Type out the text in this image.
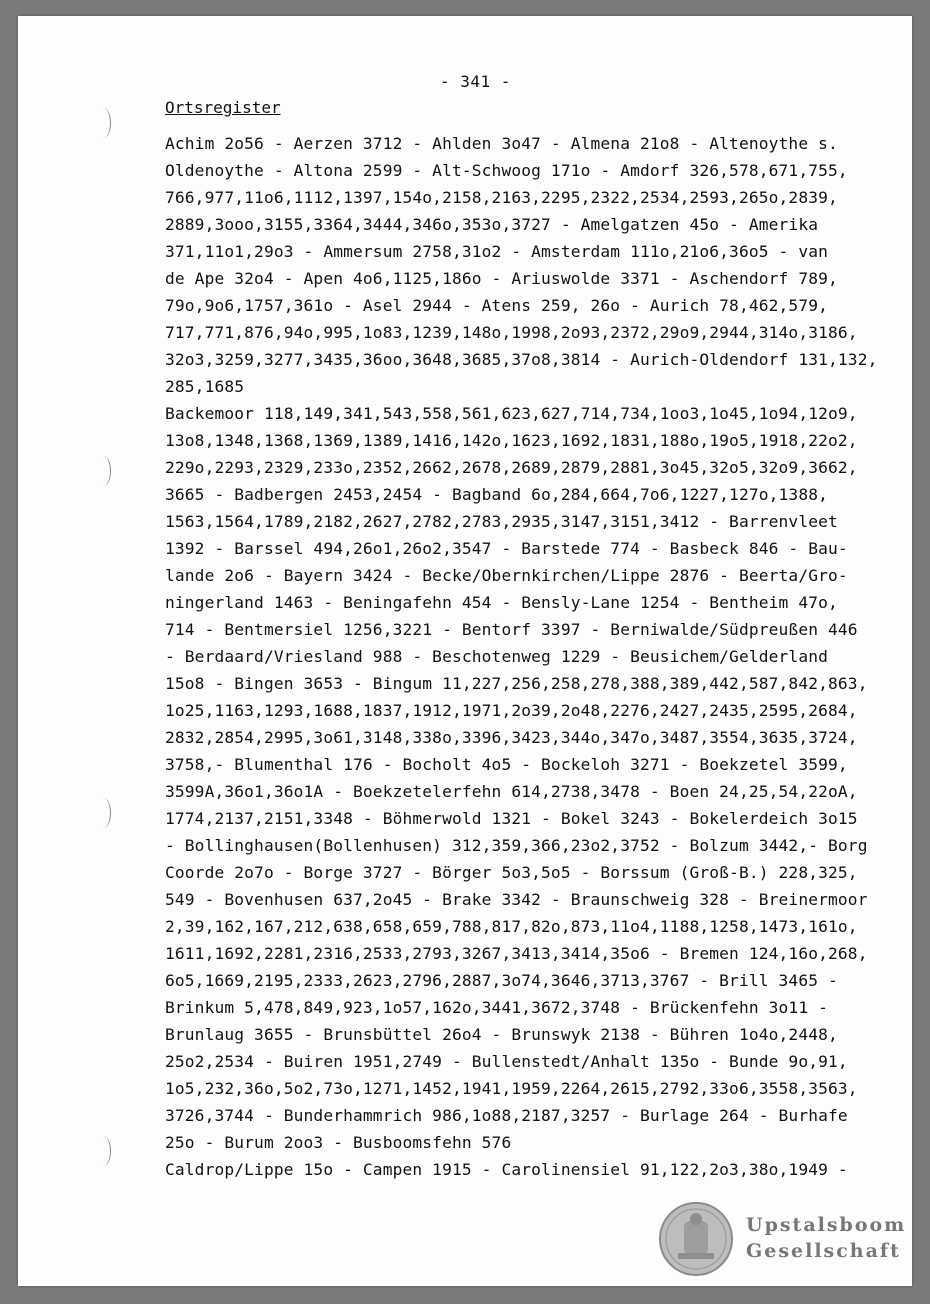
- 341 -
Ortsregister
Achim 2o56 - Aerzen 3712 - Ahlden 3o47 - Almena 21o8 - Altenoythe s.
Oldenoythe - Altona 2599 - Alt-Schwoog 171o - Amdorf 326,578,671,755,
766,977,11o6,1112,1397,154o,2158,2163,2295,2322,2534,2593,265o,2839,
2889,3ooo,3155,3364,3444,346o,353o,3727 - Amelgatzen 45o - Amerika
371,11o1,29o3 - Ammersum 2758,31o2 - Amsterdam 111o,21o6,36o5 - van
de Ape 32o4 - Apen 4o6,1125,186o - Ariuswolde 3371 - Aschendorf 789,
79o,9o6,1757,361o - Asel 2944 - Atens 259, 26o - Aurich 78,462,579,
717,771,876,94o,995,1o83,1239,148o,1998,2o93,2372,29o9,2944,314o,3186,
32o3,3259,3277,3435,36oo,3648,3685,37o8,3814 - Aurich-Oldendorf 131,132,
285,1685
Backemoor 118,149,341,543,558,561,623,627,714,734,1oo3,1o45,1o94,12o9,
13o8,1348,1368,1369,1389,1416,142o,1623,1692,1831,188o,19o5,1918,22o2,
229o,2293,2329,233o,2352,2662,2678,2689,2879,2881,3o45,32o5,32o9,3662,
3665 - Badbergen 2453,2454 - Bagband 6o,284,664,7o6,1227,127o,1388,
1563,1564,1789,2182,2627,2782,2783,2935,3147,3151,3412 - Barrenvleet
1392 - Barssel 494,26o1,26o2,3547 - Barstede 774 - Basbeck 846 - Bau-
lande 2o6 - Bayern 3424 - Becke/Obernkirchen/Lippe 2876 - Beerta/Gro-
ningerland 1463 - Beningafehn 454 - Bensly-Lane 1254 - Bentheim 47o,
714 - Bentmersiel 1256,3221 - Bentorf 3397 - Berniwalde/Südpreußen 446
- Berdaard/Vriesland 988 - Beschotenweg 1229 - Beusichem/Gelderland
15o8 - Bingen 3653 - Bingum 11,227,256,258,278,388,389,442,587,842,863,
1o25,1163,1293,1688,1837,1912,1971,2o39,2o48,2276,2427,2435,2595,2684,
2832,2854,2995,3o61,3148,338o,3396,3423,344o,347o,3487,3554,3635,3724,
3758,- Blumenthal 176 - Bocholt 4o5 - Bockeloh 3271 - Boekzetel 3599,
3599A,36o1,36o1A - Boekzetelerfehn 614,2738,3478 - Boen 24,25,54,22oA,
1774,2137,2151,3348 - Böhmerwold 1321 - Bokel 3243 - Bokelerdeich 3o15
- Bollinghausen(Bollenhusen) 312,359,366,23o2,3752 - Bolzum 3442,- Borg
Coorde 2o7o - Borge 3727 - Börger 5o3,5o5 - Borssum (Groß-B.) 228,325,
549 - Bovenhusen 637,2o45 - Brake 3342 - Braunschweig 328 - Breinermoor
2,39,162,167,212,638,658,659,788,817,82o,873,11o4,1188,1258,1473,161o,
1611,1692,2281,2316,2533,2793,3267,3413,3414,35o6 - Bremen 124,16o,268,
6o5,1669,2195,2333,2623,2796,2887,3o74,3646,3713,3767 - Brill 3465 -
Brinkum 5,478,849,923,1o57,162o,3441,3672,3748 - Brückenfehn 3o11 -
Brunlaug 3655 - Brunsbüttel 26o4 - Brunswyk 2138 - Bühren 1o4o,2448,
25o2,2534 - Buiren 1951,2749 - Bullenstedt/Anhalt 135o - Bunde 9o,91,
1o5,232,36o,5o2,73o,1271,1452,1941,1959,2264,2615,2792,33o6,3558,3563,
3726,3744 - Bunderhammrich 986,1o88,2187,3257 - Burlage 264 - Burhafe
25o - Burum 2oo3 - Busboomsfehn 576
Caldrop/Lippe 15o - Campen 1915 - Carolinensiel 91,122,2o3,38o,1949 -
Upstalsboom
Gesellschaft
